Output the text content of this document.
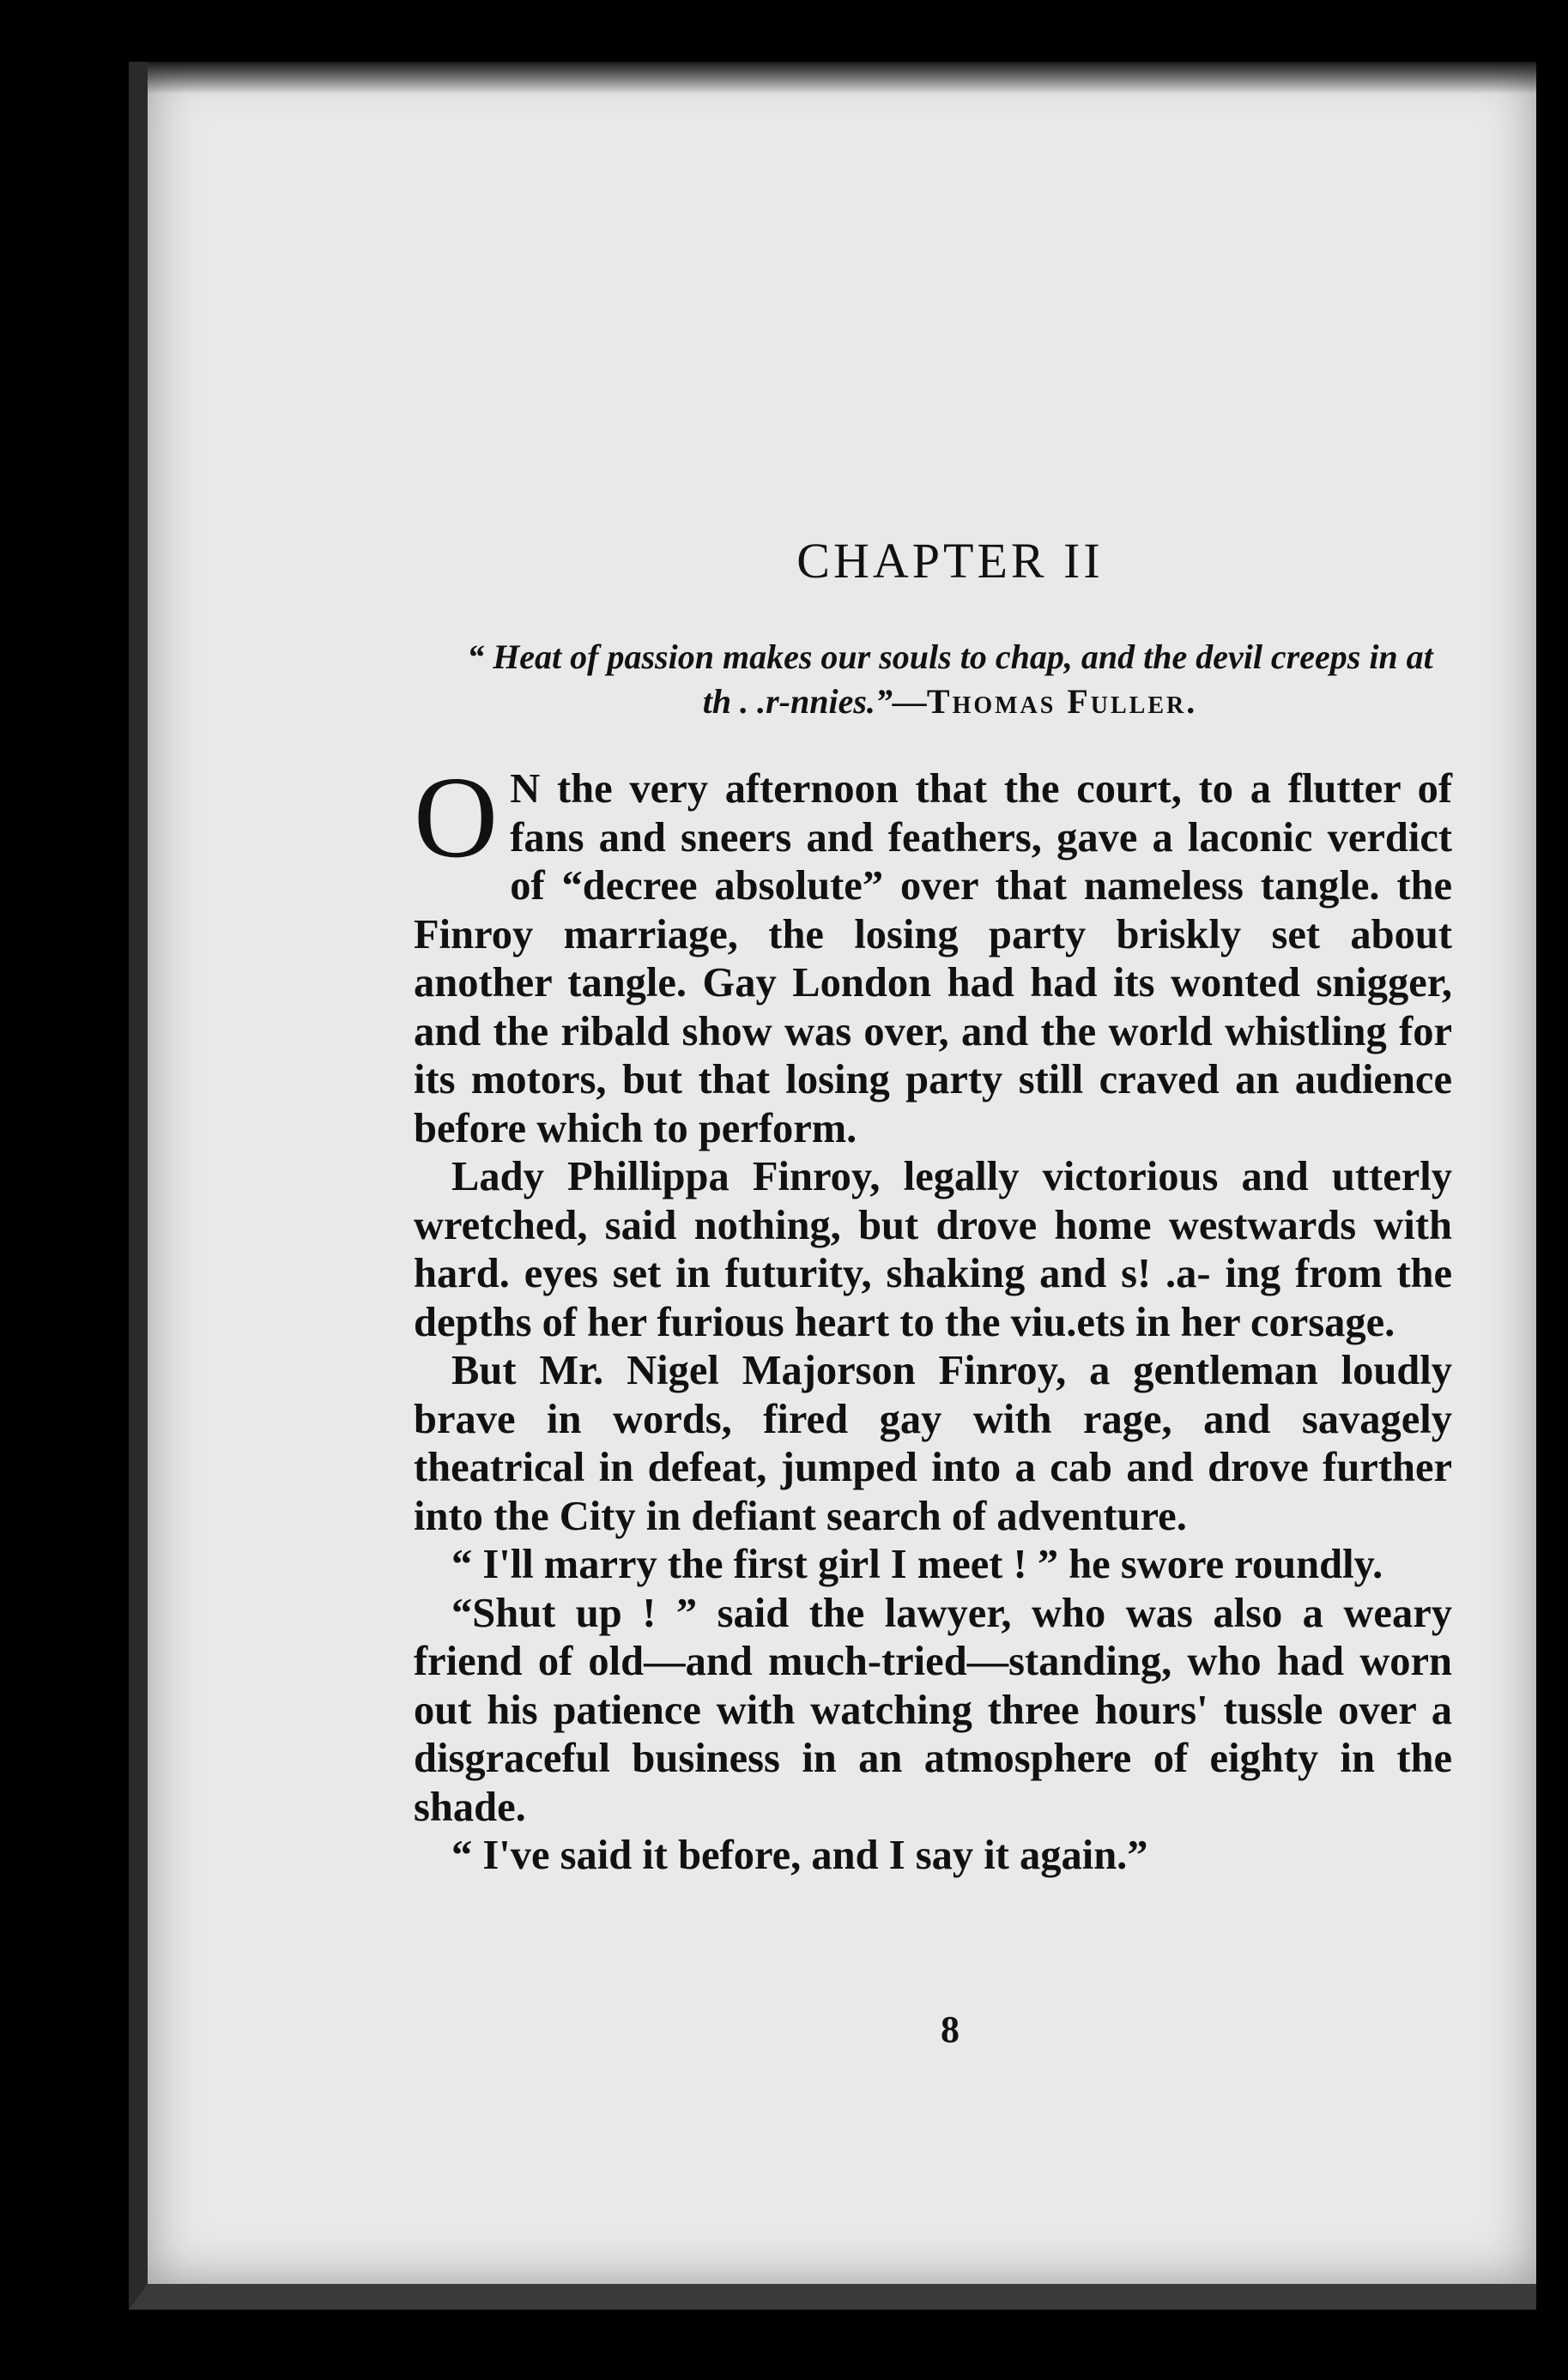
CHAPTER II
“ Heat of passion makes our souls to chap, and the devil creeps in at th . .r-nnies.”—Thomas Fuller.

O N the very afternoon that the court, to a flutter of fans and sneers and feathers, gave a laconic verdict of “decree absolute” over that nameless tangle. the Finroy marriage, the losing party briskly set about another tangle. Gay London had had its wonted snigger, and the ribald show was over, and the world whistling for its motors, but that losing party still craved an audience before which to perform.

Lady Phillippa Finroy, legally victorious and utterly wretched, said nothing, but drove home westwards with hard. eyes set in futurity, shaking and s! .a- ing from the depths of her furious heart to the viu.ets in her corsage.

But Mr. Nigel Majorson Finroy, a gentleman loudly brave in words, fired gay with rage, and savagely theatrical in defeat, jumped into a cab and drove further into the City in defiant search of adventure.

“ I'll marry the first girl I meet ! ” he swore roundly.

“Shut up ! ” said the lawyer, who was also a weary friend of old—and much-tried—standing, who had worn out his patience with watching three hours' tussle over a disgraceful business in an atmosphere of eighty in the shade.

“ I've said it before, and I say it again.”

8
